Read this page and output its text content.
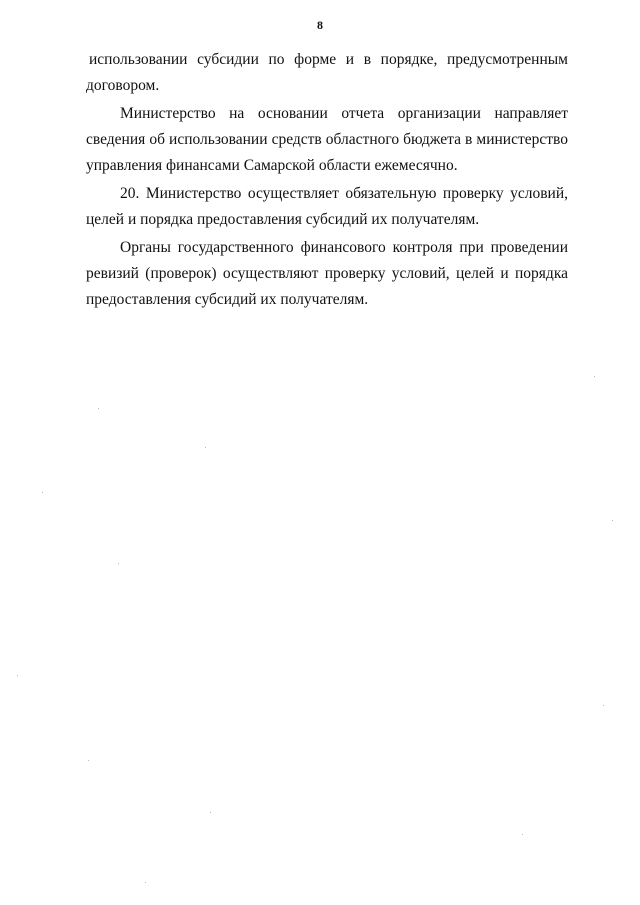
8
использовании субсидии по форме и в порядке, предусмотренным
договором.
Министерство на основании отчета организации направляет
сведения об использовании средств областного бюджета в министерство
управления финансами Самарской области ежемесячно.
20. Министерство осуществляет обязательную проверку условий,
целей и порядка предоставления субсидий их получателям.
Органы государственного финансового контроля при проведении
ревизий (проверок) осуществляют проверку условий, целей и порядка
предоставления субсидий их получателям.
